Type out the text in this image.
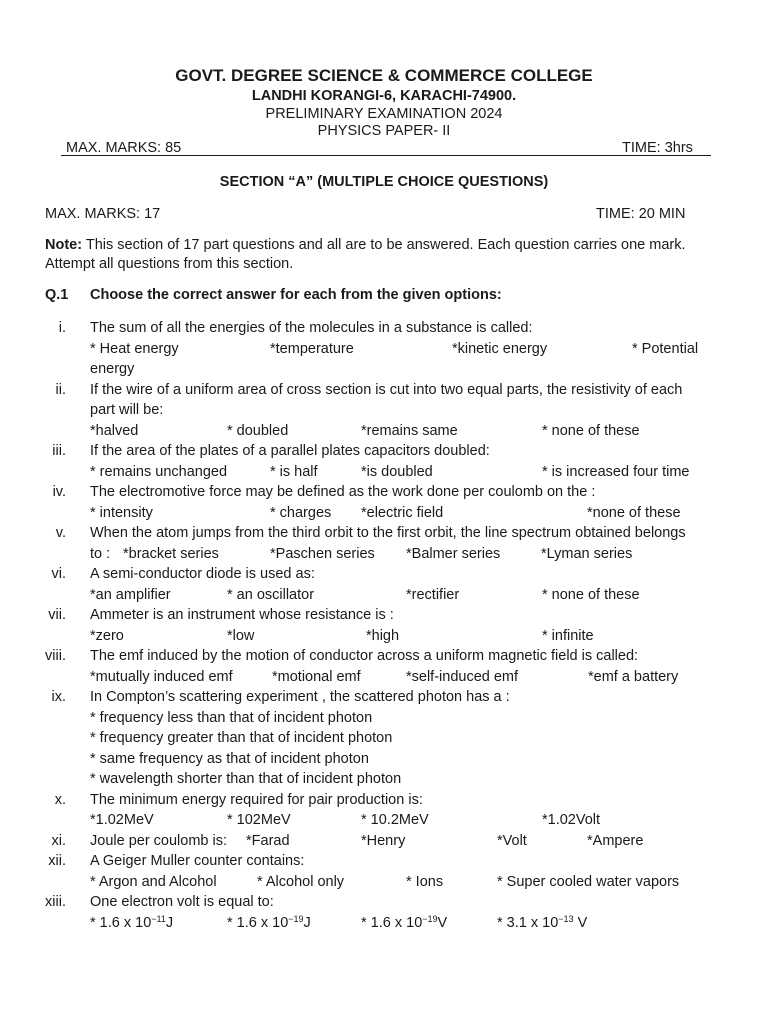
GOVT. DEGREE SCIENCE & COMMERCE COLLEGE
LANDHI KORANGI-6, KARACHI-74900.
PRELIMINARY EXAMINATION 2024
PHYSICS PAPER- II
MAX. MARKS: 85	TIME: 3hrs
SECTION “A” (MULTIPLE CHOICE QUESTIONS)
MAX. MARKS: 17	TIME: 20 MIN
Note: This section of 17 part questions and all are to be answered. Each question carries one mark.
Attempt all questions from this section.
Q.1 Choose the correct answer for each from the given options:
i. The sum of all the energies of the molecules in a substance is called:
* Heat energy	*temperature	*kinetic energy	* Potential
energy
ii. If the wire of a uniform area of cross section is cut into two equal parts, the resistivity of each
part will be:
*halved	* doubled	*remains same	* none of these
iii. If the area of the plates of a parallel plates capacitors doubled:
* remains unchanged	* is half	*is doubled	* is increased four time
iv. The electromotive force may be defined as the work done per coulomb on the :
* intensity	* charges *electric field	*none of these
v. When the atom jumps from the third orbit to the first orbit, the line spectrum obtained belongs
to : *bracket series	*Paschen series *Balmer series	*Lyman series
vi. A semi-conductor diode is used as:
*an amplifier	* an oscillator	*rectifier	* none of these
vii. Ammeter is an instrument whose resistance is :
*zero	*low	*high	* infinite
viii. The emf induced by the motion of conductor across a uniform magnetic field is called:
*mutually induced emf	*motional emf	*self-induced emf	*emf a battery
ix. In Compton’s scattering experiment , the scattered photon has a :
* frequency less than that of incident photon
* frequency greater than that of incident photon
* same frequency as that of incident photon
* wavelength shorter than that of incident photon
x. The minimum energy required for pair production is:
*1.02MeV	* 102MeV	* 10.2MeV	*1.02Volt
xi. Joule per coulomb is: *Farad	*Henry	*Volt	*Ampere
xii. A Geiger Muller counter contains:
* Argon and Alcohol	* Alcohol only	* Ions	* Super cooled water vapors
xiii. One electron volt is equal to:
* 1.6 x $10^{-11}J$	* 1.6 x $10^{-19}J$	* 1.6 x $10^{-19}V$	* 3.1 x $10^{-13}$ V
